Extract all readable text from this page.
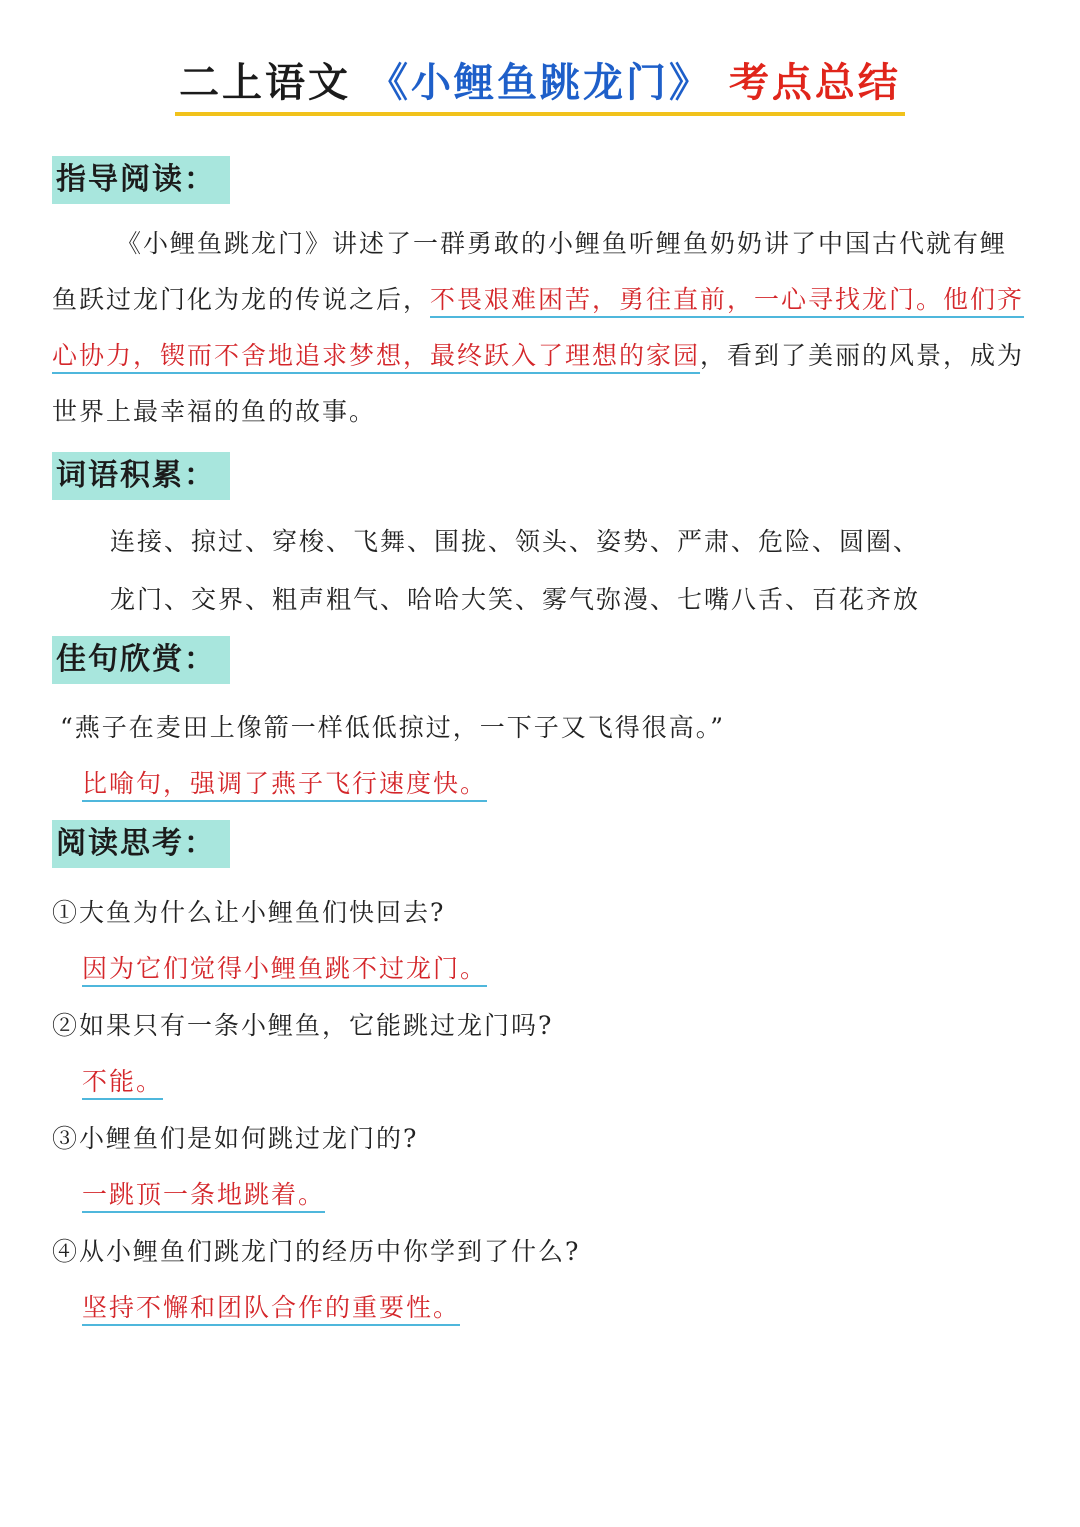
二上语文 《小鲤鱼跳龙门》 考点总结
指导阅读：
《小鲤鱼跳龙门》讲述了一群勇敢的小鲤鱼听鲤鱼奶奶讲了中国古代就有鲤鱼跃过龙门化为龙的传说之后，不畏艰难困苦，勇往直前，一心寻找龙门。他们齐心协力，锲而不舍地追求梦想，最终跃入了理想的家园，看到了美丽的风景，成为世界上最幸福的鱼的故事。
词语积累：
连接、掠过、穿梭、飞舞、围拢、领头、姿势、严肃、危险、圆圈、
龙门、交界、粗声粗气、哈哈大笑、雾气弥漫、七嘴八舌、百花齐放
佳句欣赏：
“燕子在麦田上像箭一样低低掠过，一下子又飞得很高。”
比喻句，强调了燕子飞行速度快。
阅读思考：
①大鱼为什么让小鲤鱼们快回去?
因为它们觉得小鲤鱼跳不过龙门。
②如果只有一条小鲤鱼，它能跳过龙门吗?
不能。
③小鲤鱼们是如何跳过龙门的?
一跳顶一条地跳着。
④从小鲤鱼们跳龙门的经历中你学到了什么?
坚持不懈和团队合作的重要性。
